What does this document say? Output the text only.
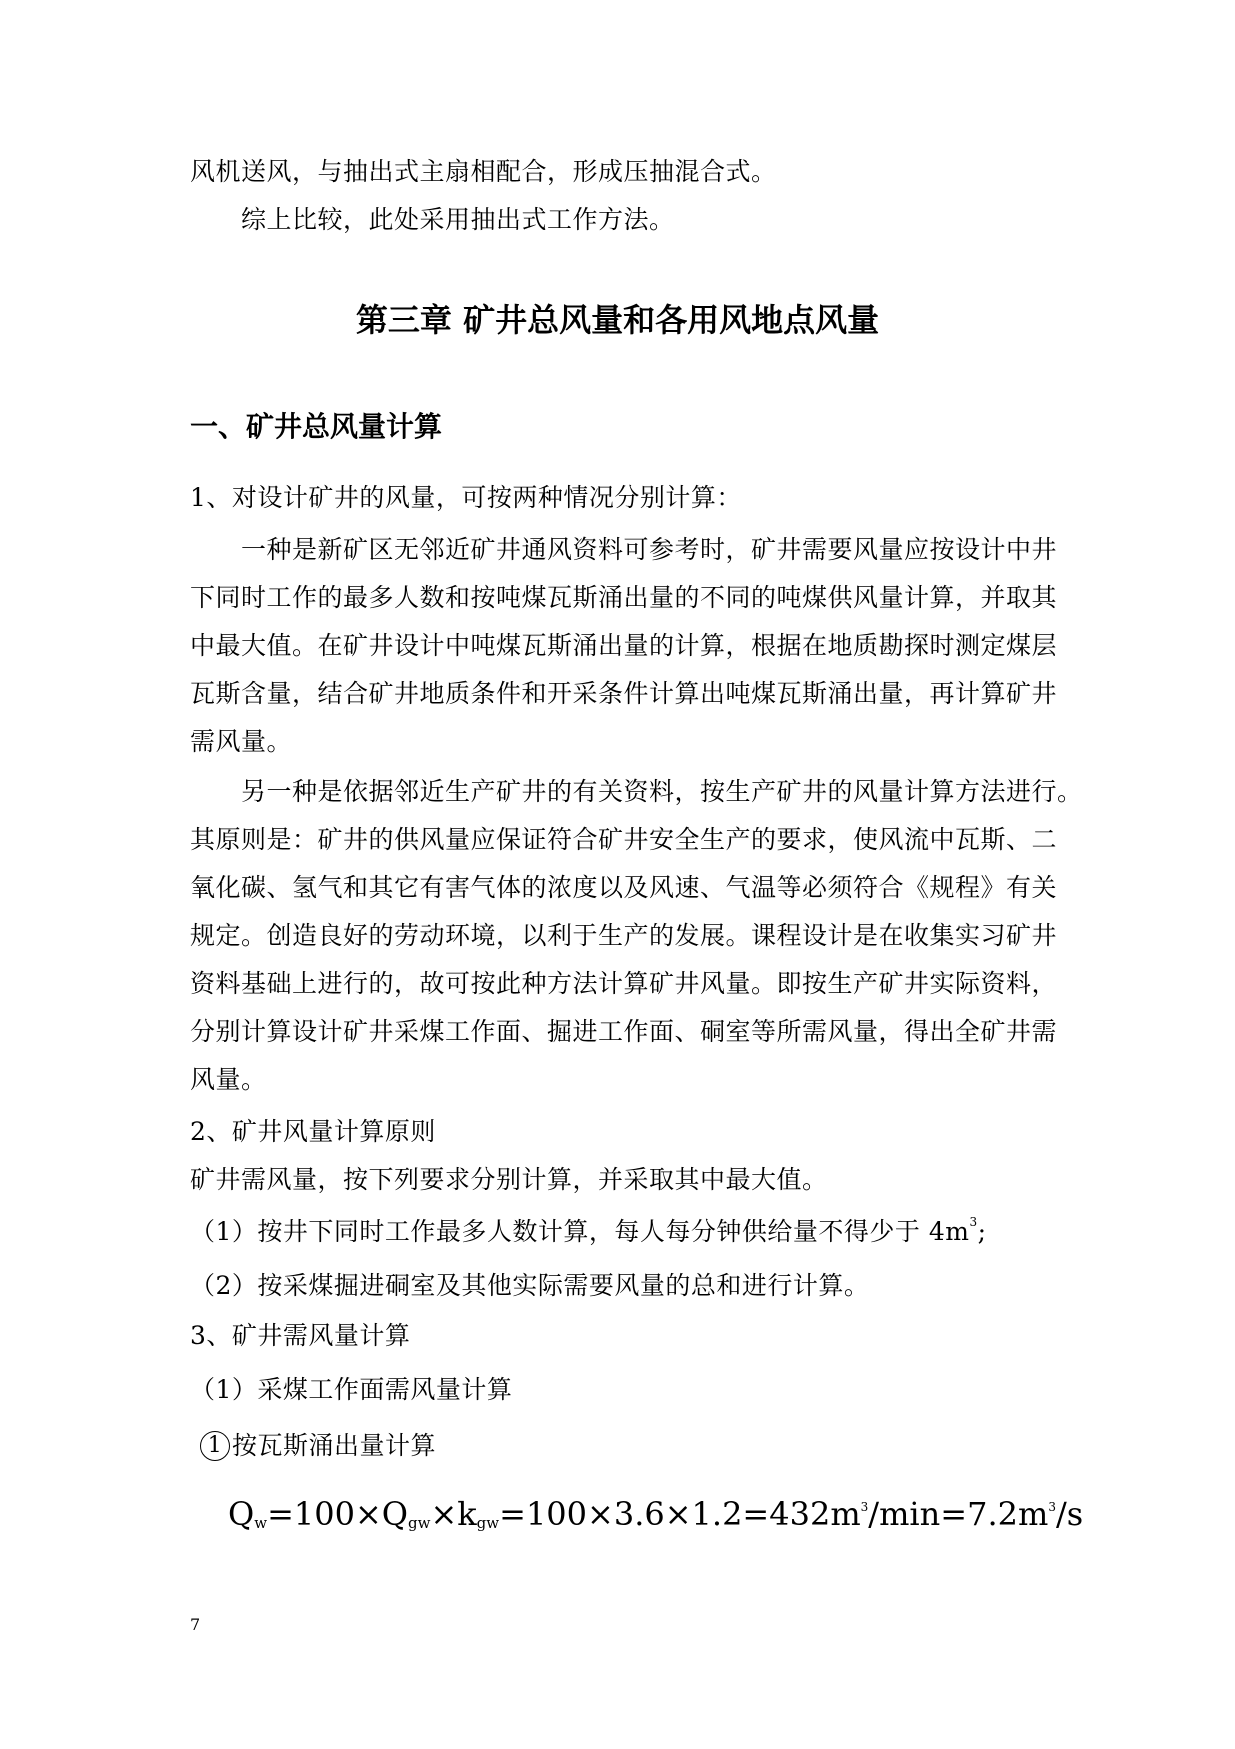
风机送风，与抽出式主扇相配合，形成压抽混合式。
综上比较，此处采用抽出式工作方法。
第三章 矿井总风量和各用风地点风量
一、矿井总风量计算
1、对设计矿井的风量，可按两种情况分别计算：
一种是新矿区无邻近矿井通风资料可参考时，矿井需要风量应按设计中井
下同时工作的最多人数和按吨煤瓦斯涌出量的不同的吨煤供风量计算，并取其
中最大值。在矿井设计中吨煤瓦斯涌出量的计算，根据在地质勘探时测定煤层
瓦斯含量，结合矿井地质条件和开采条件计算出吨煤瓦斯涌出量，再计算矿井
需风量。
另一种是依据邻近生产矿井的有关资料，按生产矿井的风量计算方法进行。
其原则是：矿井的供风量应保证符合矿井安全生产的要求，使风流中瓦斯、二
氧化碳、氢气和其它有害气体的浓度以及风速、气温等必须符合《规程》有关
规定。创造良好的劳动环境，以利于生产的发展。课程设计是在收集实习矿井
资料基础上进行的，故可按此种方法计算矿井风量。即按生产矿井实际资料，
分别计算设计矿井采煤工作面、掘进工作面、硐室等所需风量，得出全矿井需
风量。
2、矿井风量计算原则
矿井需风量，按下列要求分别计算，并采取其中最大值。
（1）按井下同时工作最多人数计算，每人每分钟供给量不得少于 $4m^3$;
（2）按采煤掘进硐室及其他实际需要风量的总和进行计算。
3、矿井需风量计算
（1）采煤工作面需风量计算
1 按瓦斯涌出量计算
$Q_w=100\times Q_{gw}\times k_{gw}=100\times 3.6\times 1.2=432m^3/\min=7.2m^3/s$
7
